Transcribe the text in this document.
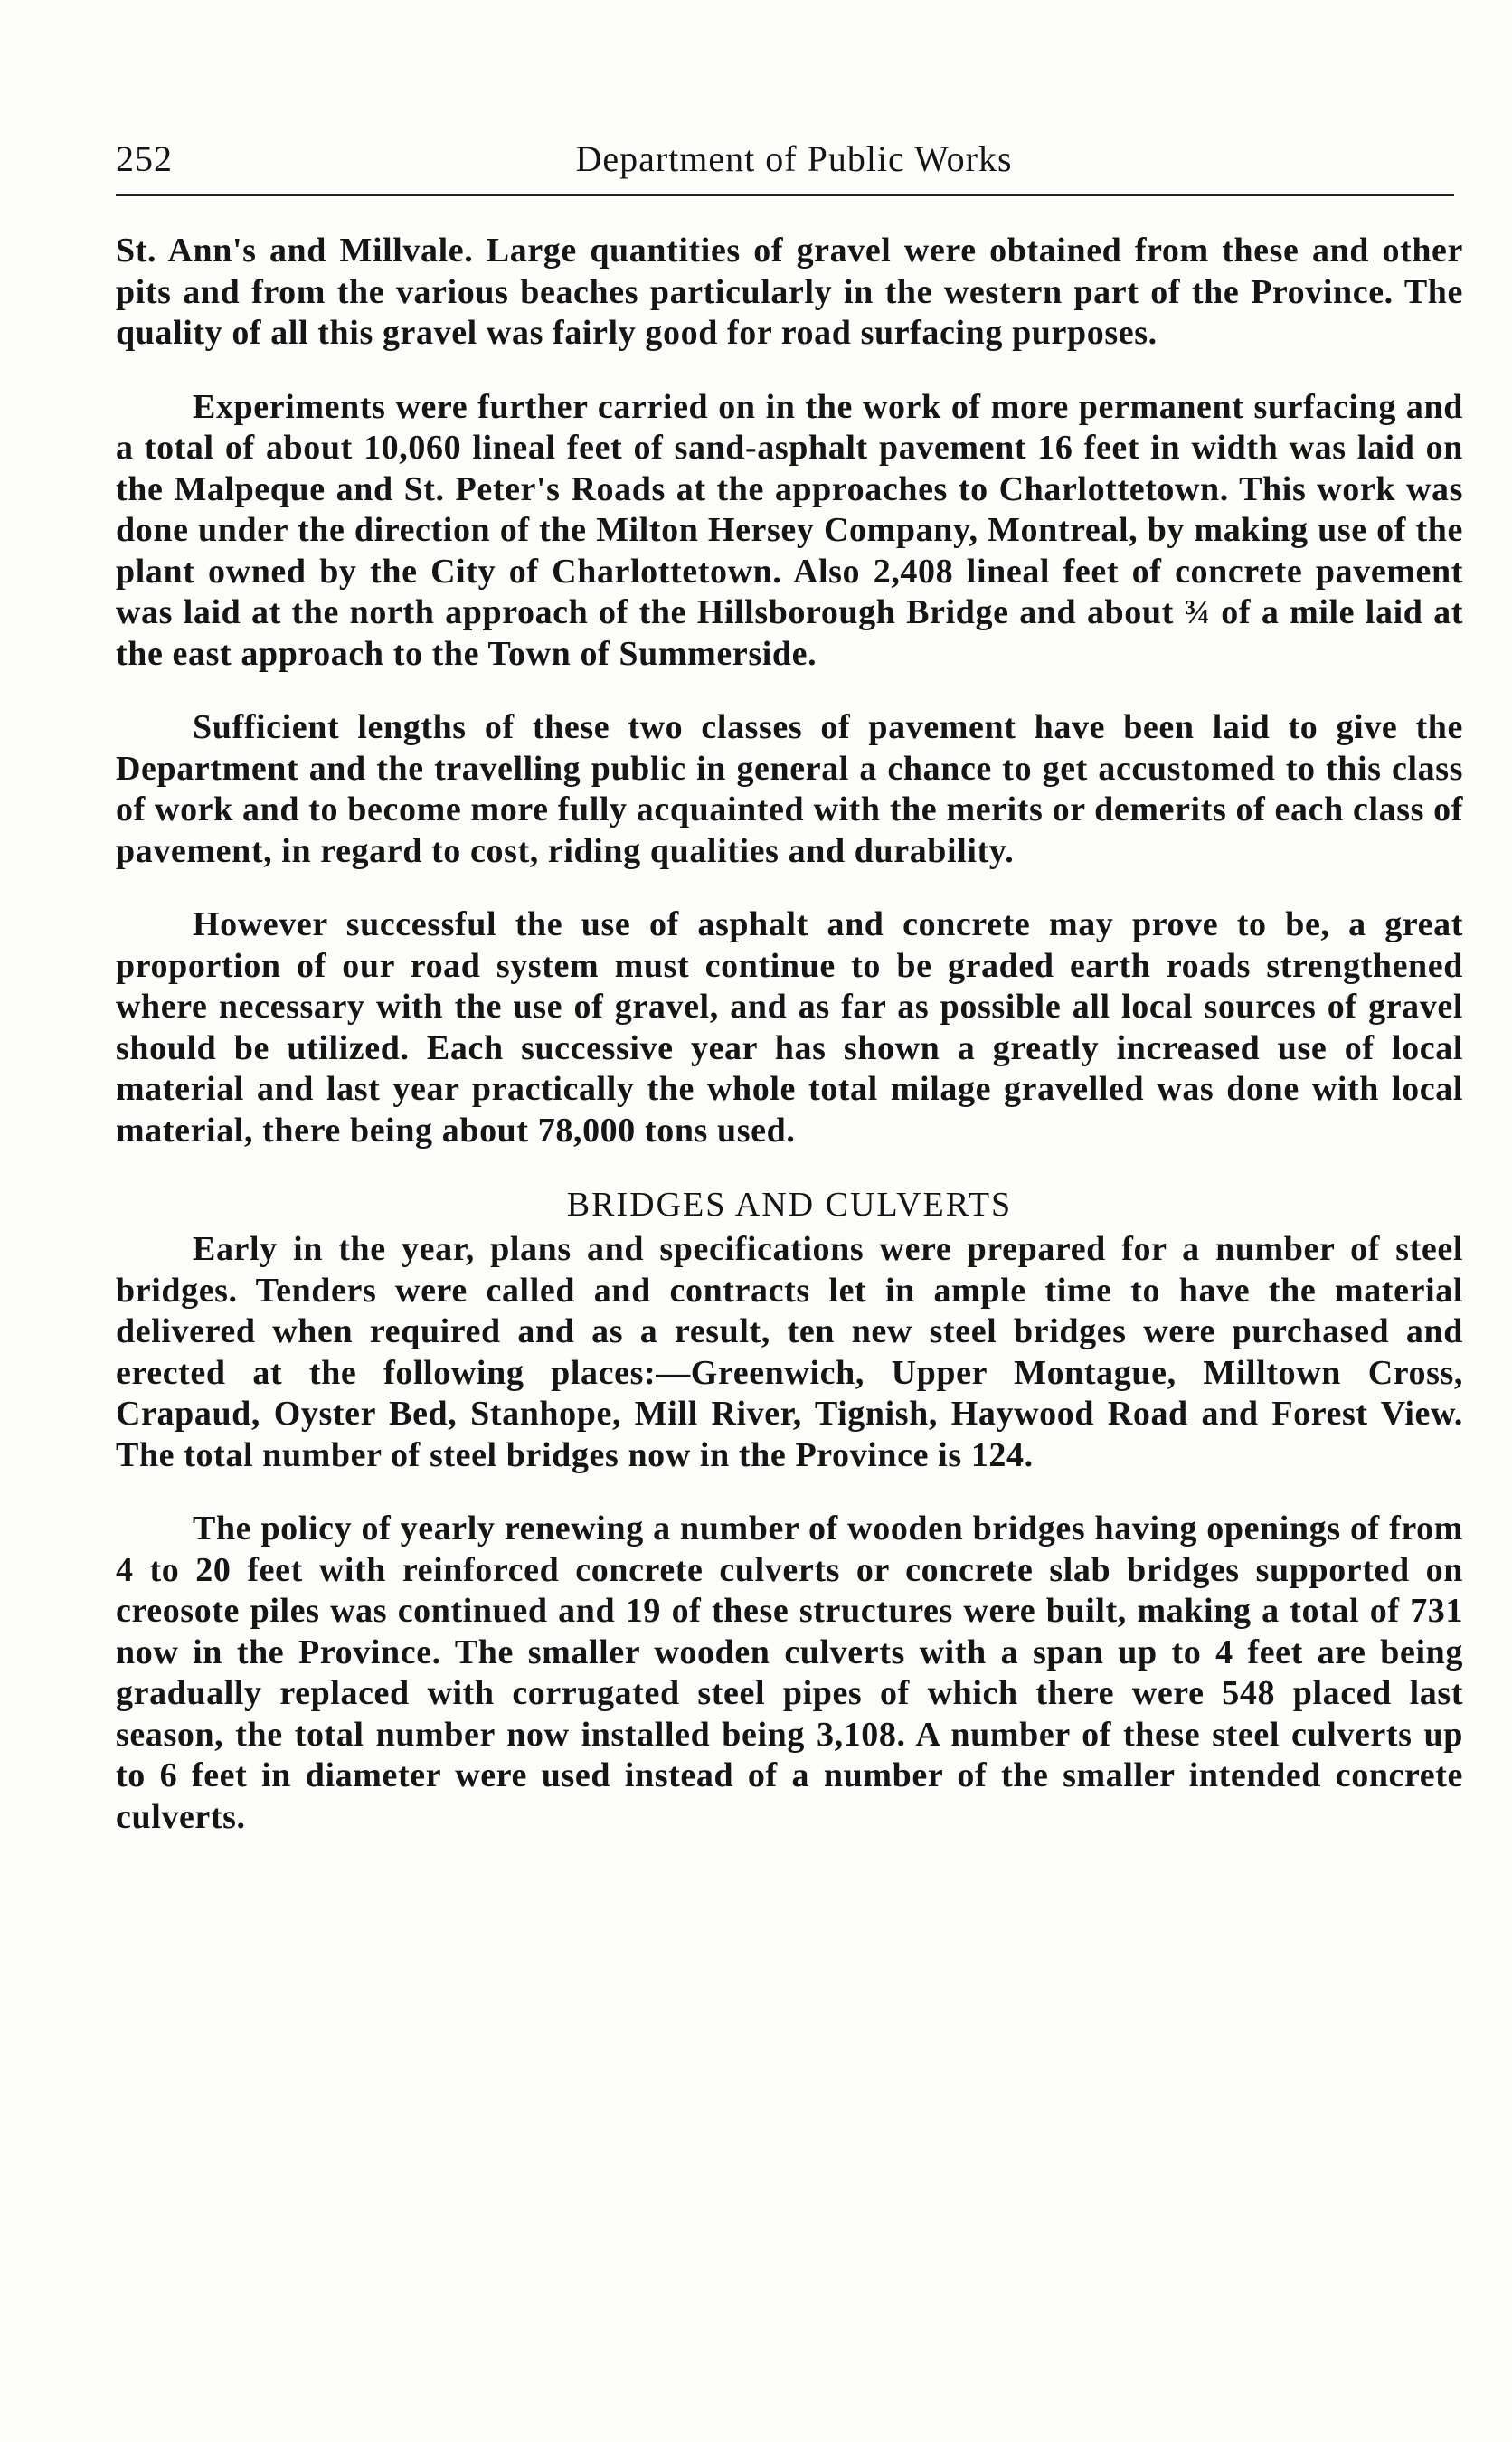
252	Department of Public Works

St. Ann's and Millvale. Large quantities of gravel were obtained from these and other pits and from the various beaches particularly in the western part of the Province. The quality of all this gravel was fairly good for road surfacing purposes.

Experiments were further carried on in the work of more permanent surfacing and a total of about 10,060 lineal feet of sand-asphalt pavement 16 feet in width was laid on the Malpeque and St. Peter's Roads at the approaches to Charlottetown. This work was done under the direction of the Milton Hersey Company, Montreal, by making use of the plant owned by the City of Charlottetown. Also 2,408 lineal feet of concrete pavement was laid at the north approach of the Hillsborough Bridge and about ¾ of a mile laid at the east approach to the Town of Summerside.

Sufficient lengths of these two classes of pavement have been laid to give the Department and the travelling public in general a chance to get accustomed to this class of work and to become more fully acquainted with the merits or demerits of each class of pavement, in regard to cost, riding qualities and durability.

However successful the use of asphalt and concrete may prove to be, a great proportion of our road system must continue to be graded earth roads strengthened where necessary with the use of gravel, and as far as possible all local sources of gravel should be utilized. Each successive year has shown a greatly increased use of local material and last year practically the whole total milage gravelled was done with local material, there being about 78,000 tons used.

BRIDGES AND CULVERTS

Early in the year, plans and specifications were prepared for a number of steel bridges. Tenders were called and contracts let in ample time to have the material delivered when required and as a result, ten new steel bridges were purchased and erected at the following places:—Greenwich, Upper Montague, Milltown Cross, Crapaud, Oyster Bed, Stanhope, Mill River, Tignish, Haywood Road and Forest View. The total number of steel bridges now in the Province is 124.

The policy of yearly renewing a number of wooden bridges having openings of from 4 to 20 feet with reinforced concrete culverts or concrete slab bridges supported on creosote piles was continued and 19 of these structures were built, making a total of 731 now in the Province. The smaller wooden culverts with a span up to 4 feet are being gradually replaced with corrugated steel pipes of which there were 548 placed last season, the total number now installed being 3,108. A number of these steel culverts up to 6 feet in diameter were used instead of a number of the smaller intended concrete culverts.
